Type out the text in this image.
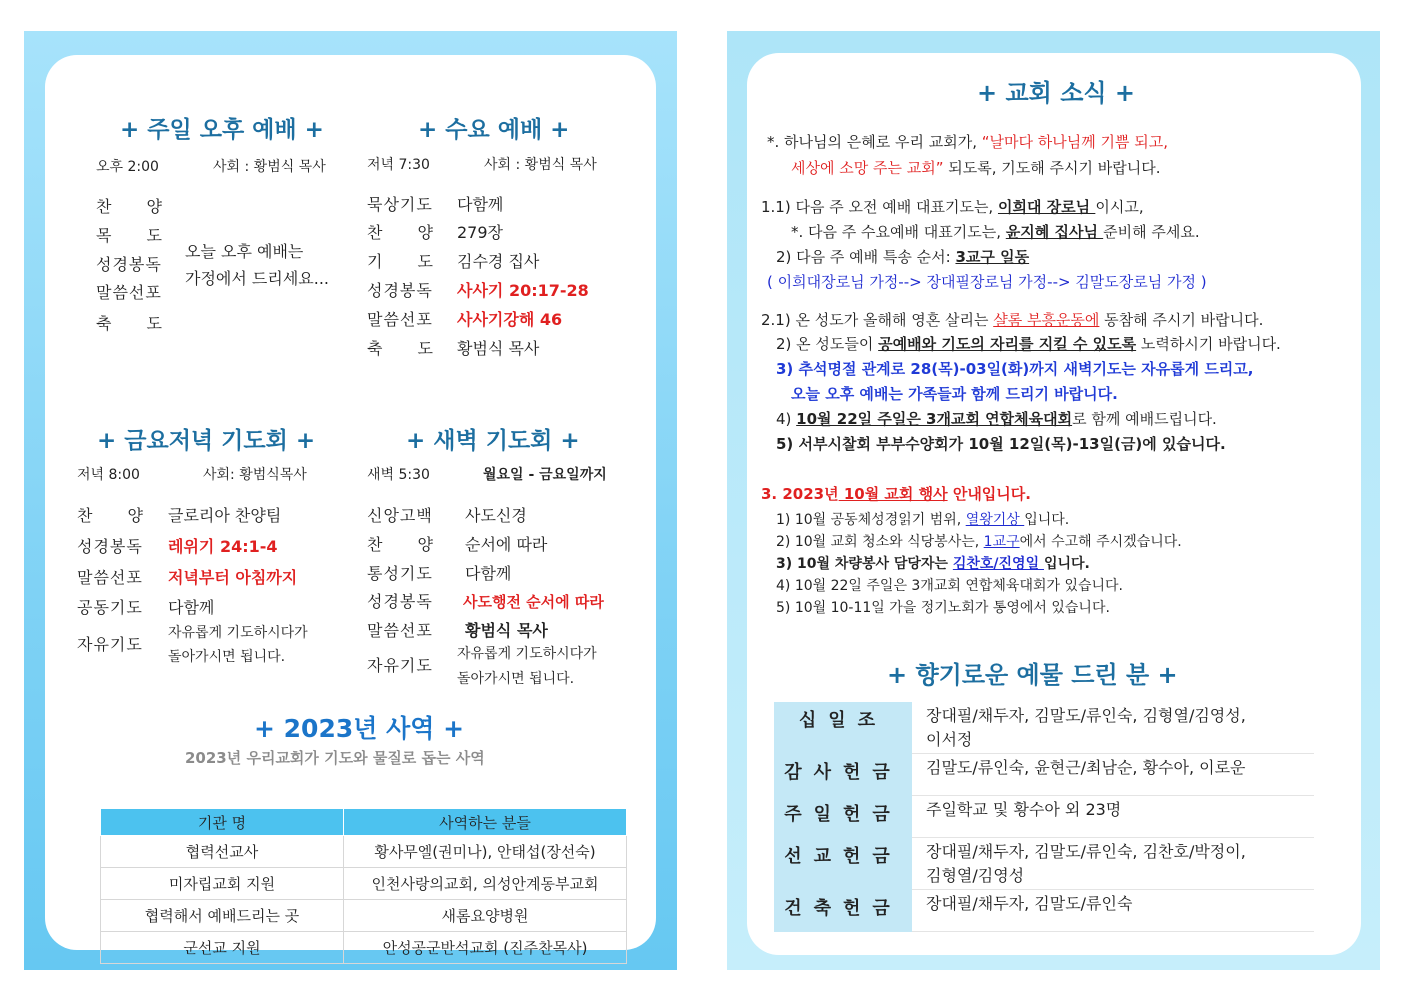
+ 주일 오후 예배 +
오후 2:00	사회 : 황범식 목사
찬　　양
목　　도
성경봉독
말씀선포
축　　도
오늘 오후 예배는
가정에서 드리세요...
+ 수요 예배 +
저녁 7:30	사회 : 황범식 목사
묵상기도 다함께
찬　　양 279장
기　　도 김수경 집사
성경봉독 사사기 20:17-28
말씀선포 사사기강해 46
축　　도 황범식 목사
+ 금요저녁 기도회 +
저녁 8:00	사회: 황범식목사
찬　　양 글로리아 찬양팀
성경봉독 레위기 24:1-4
말씀선포 저녁부터 아침까지
공동기도 다함께
자유기도
자유롭게 기도하시다가
돌아가시면 됩니다.
+ 새벽 기도회 +
새벽 5:30	월요일 - 금요일까지
신앙고백 사도신경
찬　　양 순서에 따라
통성기도 다함께
성경봉독 사도행전 순서에 따라
말씀선포 황범식 목사
자유기도
자유롭게 기도하시다가
돌아가시면 됩니다.
+ 2023년 사역 +
2023년 우리교회가 기도와 물질로 돕는 사역
기관 명	사역하는 분들
협력선교사	황사무엘(권미나), 안태섭(장선숙)
미자립교회 지원	인천사랑의교회, 의성안계동부교회
협력해서 예배드리는 곳	새롬요양병원
군선교 지원	안성공군반석교회 (진주찬목사)
+ 교회 소식 +
*. 하나님의 은혜로 우리 교회가, “날마다 하나님께 기쁨 되고,
세상에 소망 주는 교회” 되도록, 기도해 주시기 바랍니다.
1.1) 다음 주 오전 예배 대표기도는, 이희대 장로님 이시고,
*. 다음 주 수요예배 대표기도는, 윤지혜 집사님 준비해 주세요.
2) 다음 주 예배 특송 순서: 3교구 일동
( 이희대장로님 가정--> 장대필장로님 가정--> 김말도장로님 가정 )
2.1) 온 성도가 올해해 영혼 살리는 샬롬 부흥운동에 동참해 주시기 바랍니다.
2) 온 성도들이 공예배와 기도의 자리를 지킬 수 있도록 노력하시기 바랍니다.
3) 추석명절 관계로 28(목)-03일(화)까지 새벽기도는 자유롭게 드리고,
오늘 오후 예배는 가족들과 함께 드리기 바랍니다.
4) 10월 22일 주일은 3개교회 연합체육대회로 함께 예배드립니다.
5) 서부시찰회 부부수양회가 10월 12일(목)-13일(금)에 있습니다.
3. 2023년 10월 교회 행사 안내입니다.
1) 10월 공동체성경읽기 범위, 열왕기상 입니다.
2) 10월 교회 청소와 식당봉사는, 1교구에서 수고해 주시겠습니다.
3) 10월 차량봉사 담당자는 김찬호/진영일 입니다.
4) 10월 22일 주일은 3개교회 연합체육대회가 있습니다.
5) 10월 10-11일 가을 정기노회가 통영에서 있습니다.
+ 향기로운 예물 드린 분 +
십일조	장대필/채두자, 김말도/류인숙, 김형열/김영성,
이서정
감사헌금	김말도/류인숙, 윤현근/최남순, 황수아, 이로운
주일헌금	주일학교 및 황수아 외 23명
선교헌금	장대필/채두자, 김말도/류인숙, 김찬호/박정이,
김형열/김영성
건축헌금	장대필/채두자, 김말도/류인숙
